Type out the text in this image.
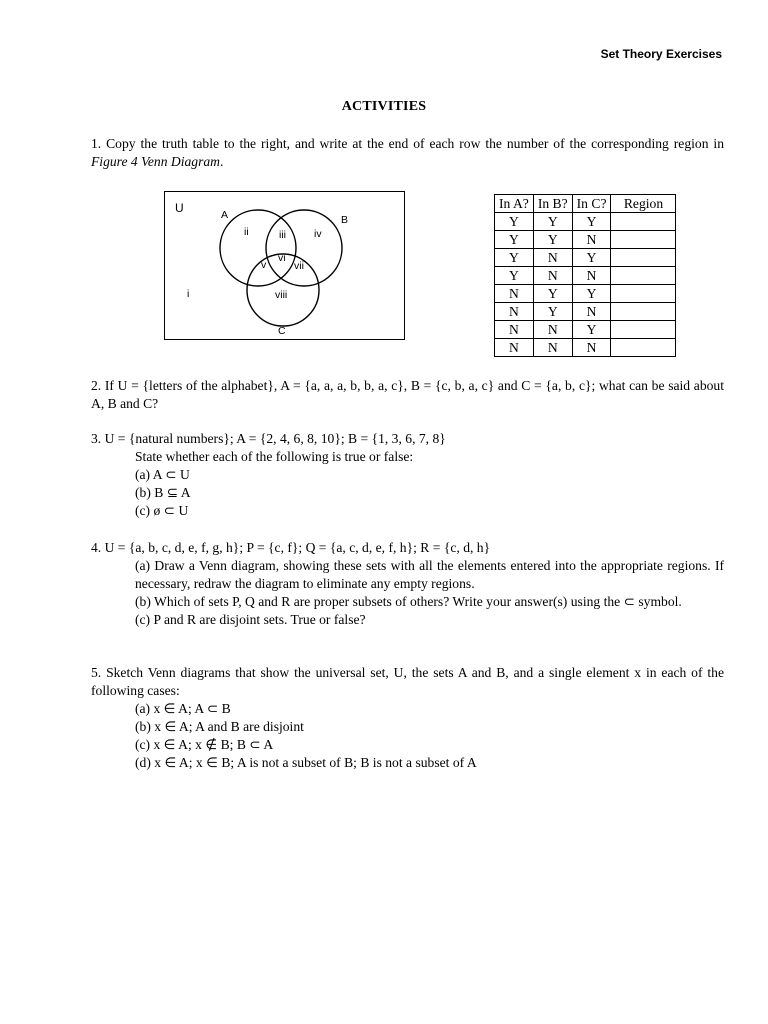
Set Theory Exercises
ACTIVITIES
1. Copy the truth table to the right, and write at the end of each row the number of the corresponding region in Figure 4 Venn Diagram.
U	A	B
C
i
ii	iii	iv
v
vi
vii
viii
In A?	In B?	In C?	Region
Y	Y	Y	
Y	Y	N	
Y	N	Y	
Y	N	N	
N	Y	Y	
N	Y	N	
N	N	Y	
N	N	N	
2. If U = {letters of the alphabet}, A = {a, a, a, b, b, a, c}, B = {c, b, a, c} and C = {a, b, c}; what can be said about A, B and C?
3. U = {natural numbers}; A = {2, 4, 6, 8, 10}; B = {1, 3, 6, 7, 8}
State whether each of the following is true or false:
(a) A ⊂ U
(b) B ⊆ A
(c) ø ⊂ U
4. U = {a, b, c, d, e, f, g, h}; P = {c, f}; Q = {a, c, d, e, f, h}; R = {c, d, h}
(a) Draw a Venn diagram, showing these sets with all the elements entered into the appropriate regions. If necessary, redraw the diagram to eliminate any empty regions.
(b) Which of sets P, Q and R are proper subsets of others? Write your answer(s) using the ⊂ symbol.
(c) P and R are disjoint sets. True or false?
5. Sketch Venn diagrams that show the universal set, U, the sets A and B, and a single element x in each of the following cases:
(a) x ∈ A; A ⊂ B
(b) x ∈ A; A and B are disjoint
(c) x ∈ A; x ∉ B; B ⊂ A
(d) x ∈ A; x ∈ B; A is not a subset of B; B is not a subset of A
